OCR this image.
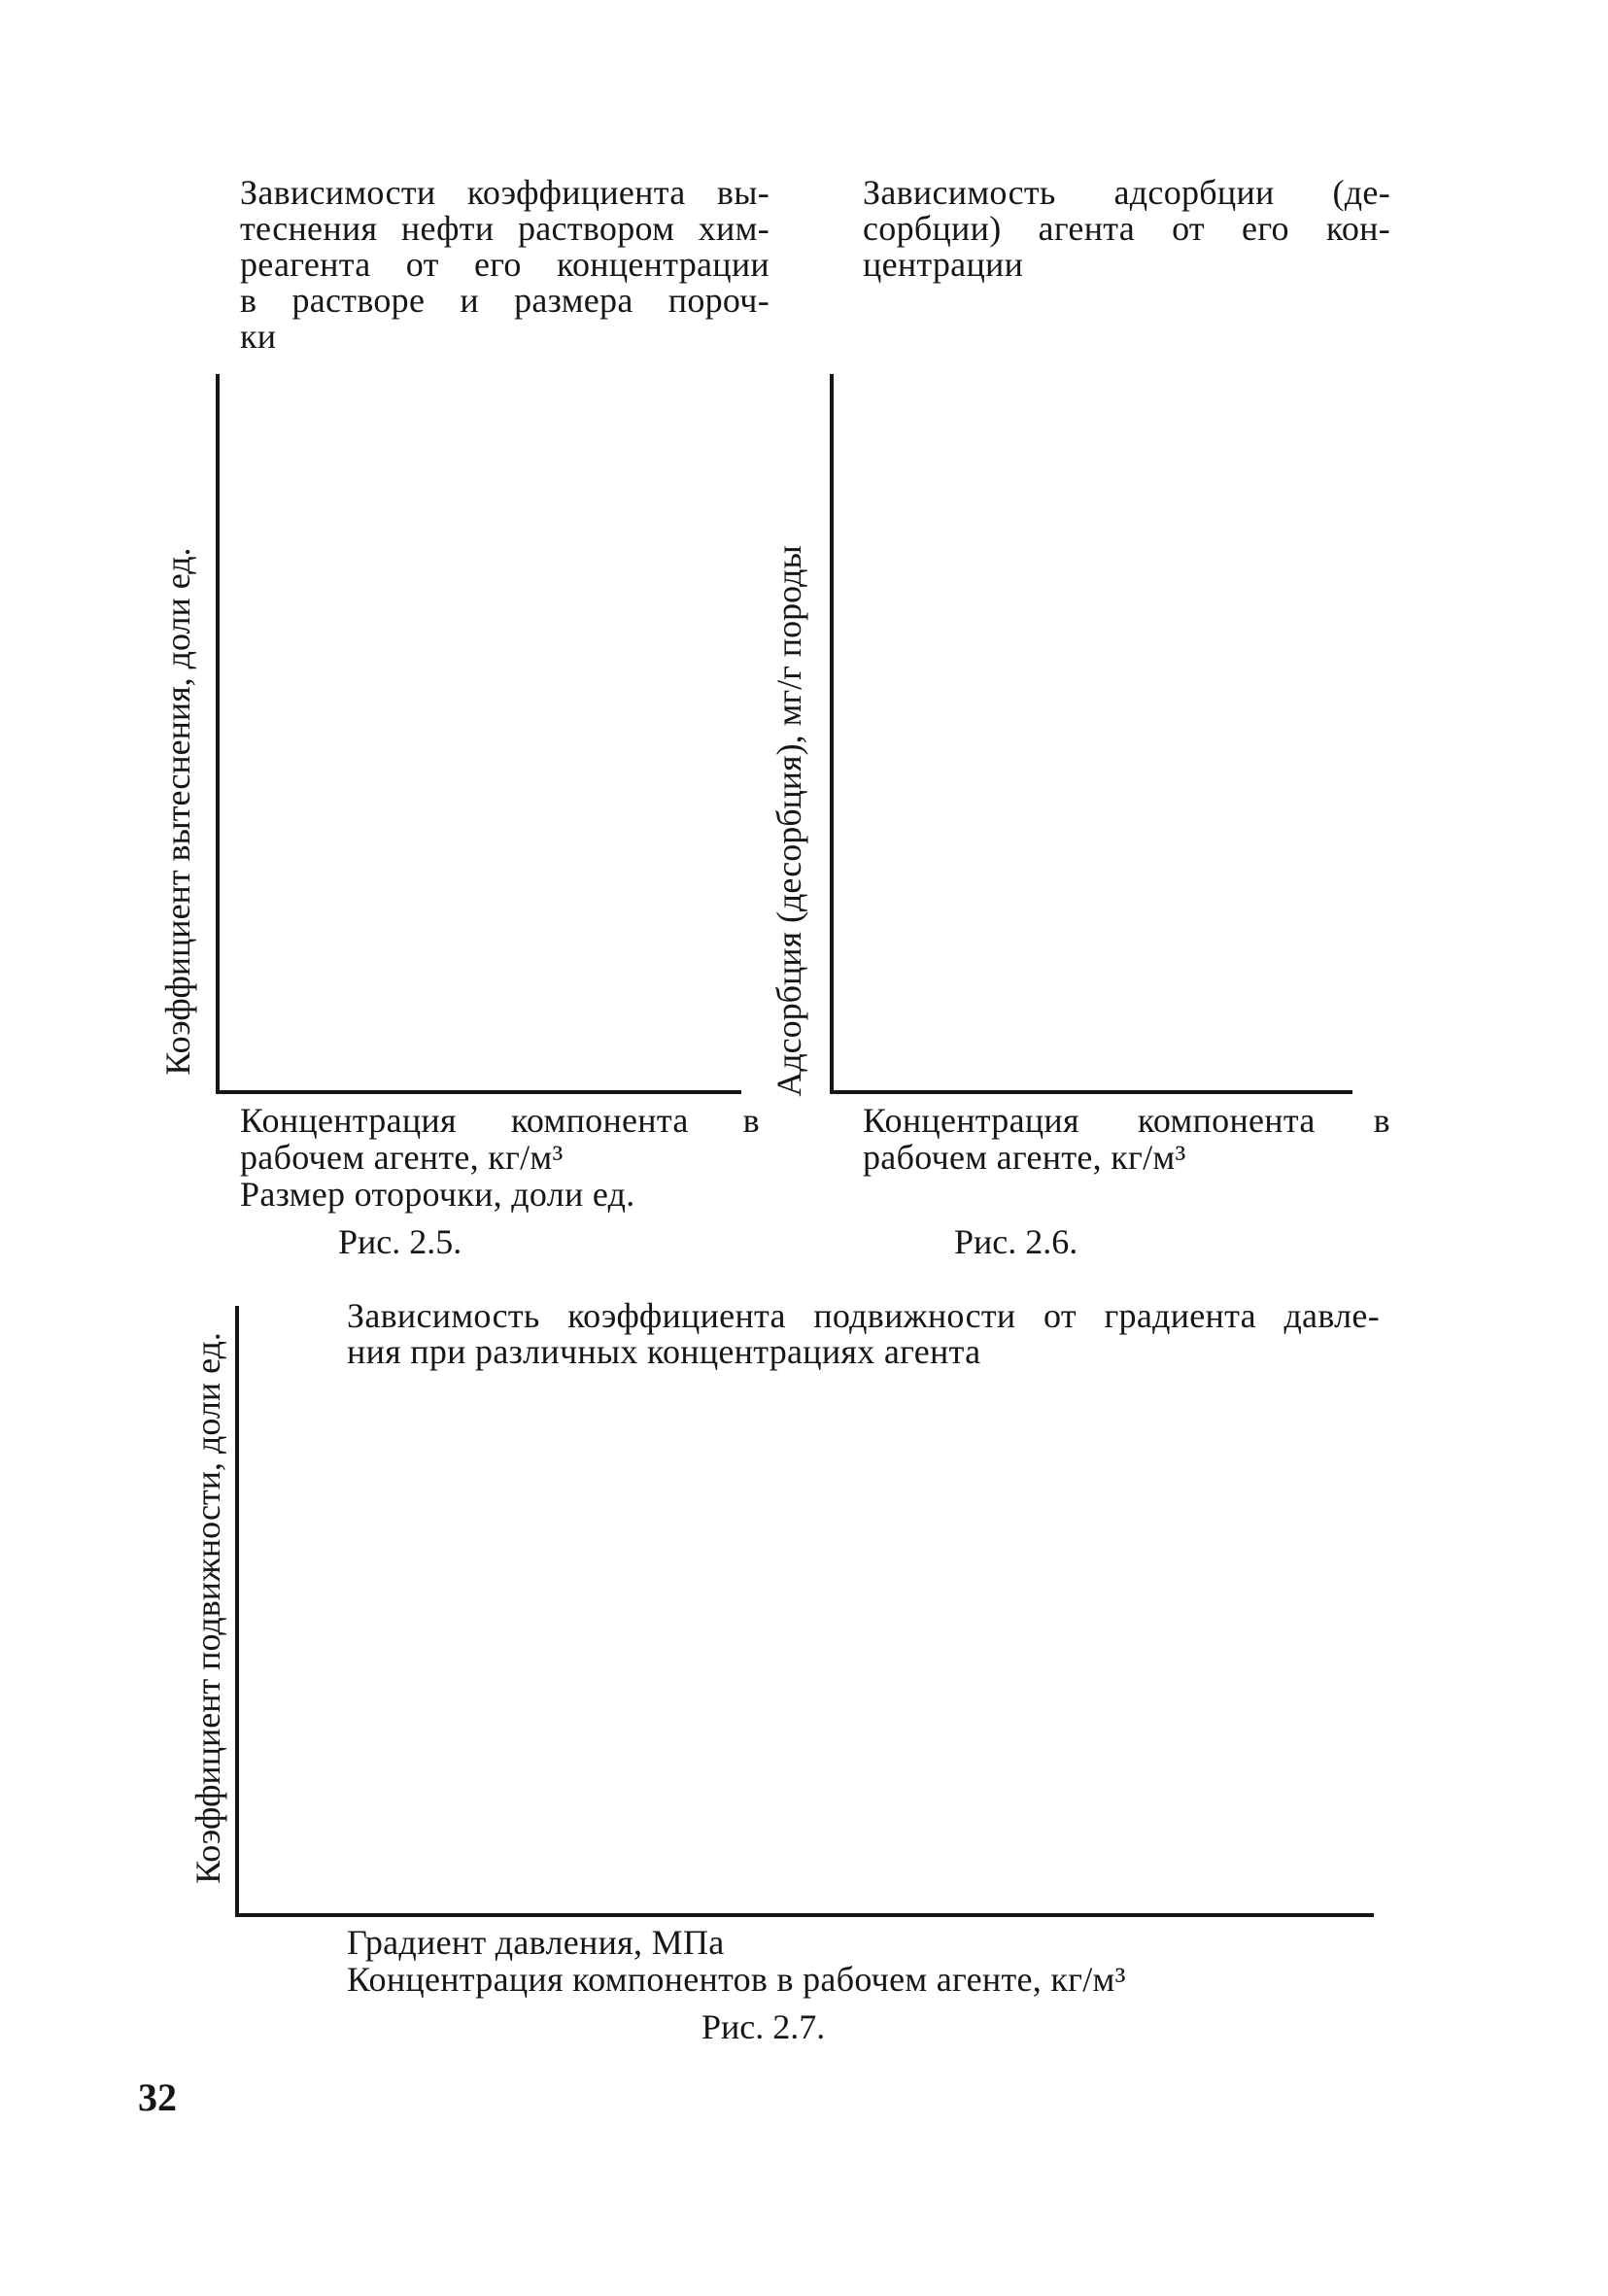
Зависимости коэффициента вы-
теснения нефти раствором хим-
реагента от его концентрации
в растворе и размера пороч-
ки
Коэффициент вытеснения, доли ед.
Концентрация  компонента  в
рабочем агенте, кг/м³
Размер оторочки, доли ед.
Рис. 2.5.
Зависимость  адсорбции  (де-
сорбции)  агента  от  его  кон-
центрации
Адсорбция (десорбция), мг/г породы
Концентрация  компонента  в
рабочем агенте, кг/м³
Рис. 2.6.
Зависимость коэффициента подвижности от градиента давле-
ния при различных концентрациях агента
Коэффициент подвижности, доли ед.
Градиент давления, МПа
Концентрация компонентов в рабочем агенте, кг/м³
Рис. 2.7.
32
